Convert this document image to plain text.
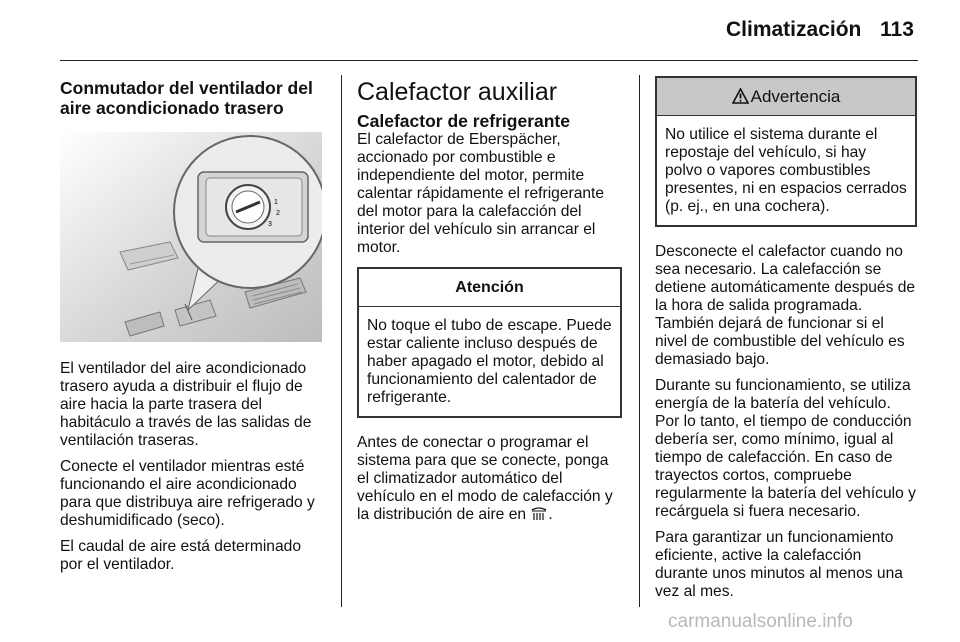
Climatización 113
Conmutador del ventilador del aire acondicionado trasero
1
2
3

El ventilador del aire acondicionado trasero ayuda a distribuir el flujo de aire hacia la parte trasera del habitáculo a través de las salidas de ventilación traseras.

Conecte el ventilador mientras esté funcionando el aire acondicionado para que distribuya aire refrigerado y deshumidificado (seco).

El caudal de aire está determinado por el ventilador.

Calefactor auxiliar
Calefactor de refrigerante

El calefactor de Eberspächer, accionado por combustible e independiente del motor, permite calentar rápidamente el refrigerante del motor para la calefacción del interior del vehículo sin arrancar el motor.

Atención
No toque el tubo de escape. Puede estar caliente incluso después de haber apagado el motor, debido al funcionamiento del calentador de refrigerante.

Antes de conectar o programar el sistema para que se conecte, ponga el climatizador automático del vehículo en el modo de calefacción y la distribución de aire en .

Advertencia
No utilice el sistema durante el repostaje del vehículo, si hay polvo o vapores combustibles presentes, ni en espacios cerrados (p. ej., en una cochera).

Desconecte el calefactor cuando no sea necesario. La calefacción se detiene automáticamente después de la hora de salida programada. También dejará de funcionar si el nivel de combustible del vehículo es demasiado bajo.

Durante su funcionamiento, se utiliza energía de la batería del vehículo. Por lo tanto, el tiempo de conducción debería ser, como mínimo, igual al tiempo de calefacción. En caso de trayectos cortos, compruebe regularmente la batería del vehículo y recárguela si fuera necesario.

Para garantizar un funcionamiento eficiente, active la calefacción durante unos minutos al menos una vez al mes.

carmanualsonline.info
